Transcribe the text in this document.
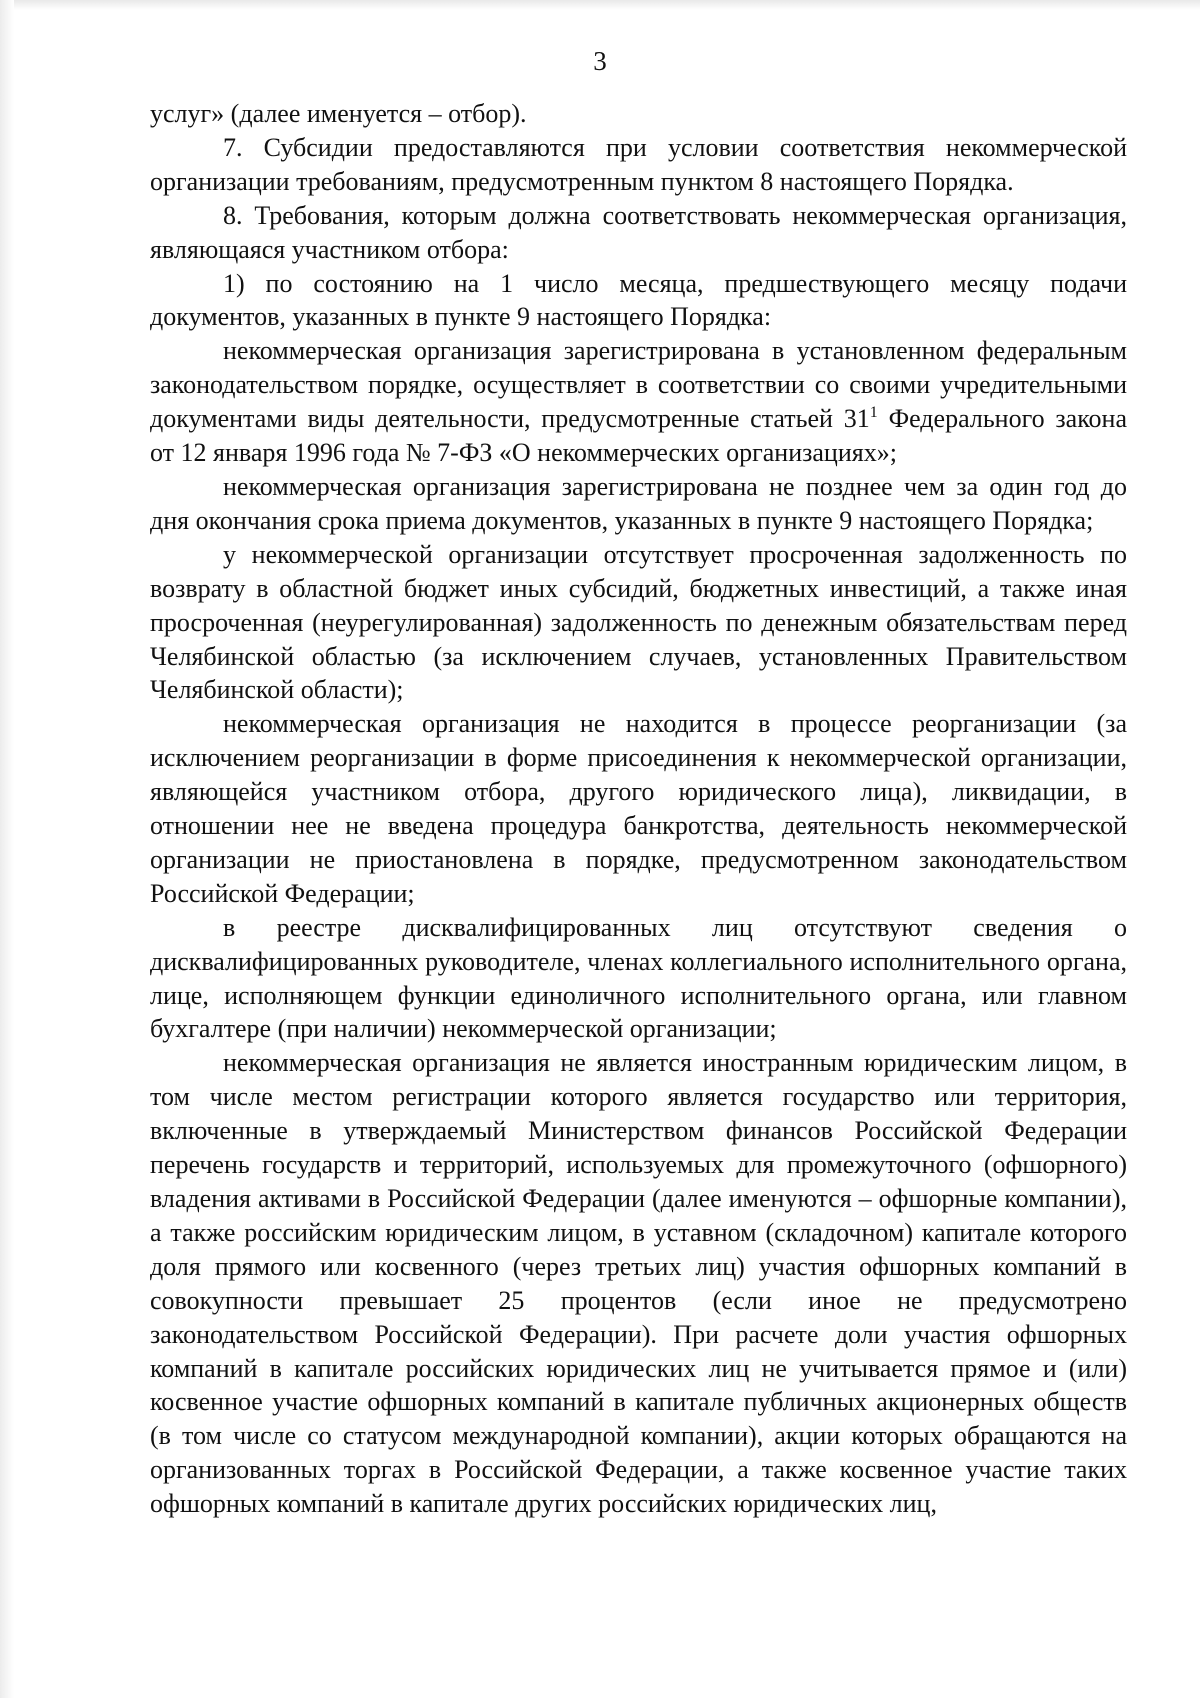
3

услуг» (далее именуется – отбор).

7. Субсидии предоставляются при условии соответствия некоммерческой организации требованиям, предусмотренным пунктом 8 настоящего Порядка.

8. Требования, которым должна соответствовать некоммерческая организация, являющаяся участником отбора:

1) по состоянию на 1 число месяца, предшествующего месяцу подачи документов, указанных в пункте 9 настоящего Порядка:

некоммерческая организация зарегистрирована в установленном федеральным законодательством порядке, осуществляет в соответствии со своими учредительными документами виды деятельности, предусмотренные статьей $31^1$ Федерального закона от 12 января 1996 года № 7-ФЗ «О некоммерческих организациях»;

некоммерческая организация зарегистрирована не позднее чем за один год до дня окончания срока приема документов, указанных в пункте 9 настоящего Порядка;

у некоммерческой организации отсутствует просроченная задолженность по возврату в областной бюджет иных субсидий, бюджетных инвестиций, а также иная просроченная (неурегулированная) задолженность по денежным обязательствам перед Челябинской областью (за исключением случаев, установленных Правительством Челябинской области);

некоммерческая организация не находится в процессе реорганизации (за исключением реорганизации в форме присоединения к некоммерческой организации, являющейся участником отбора, другого юридического лица), ликвидации, в отношении нее не введена процедура банкротства, деятельность некоммерческой организации не приостановлена в порядке, предусмотренном законодательством Российской Федерации;

в реестре дисквалифицированных лиц отсутствуют сведения о дисквалифицированных руководителе, членах коллегиального исполнительного органа, лице, исполняющем функции единоличного исполнительного органа, или главном бухгалтере (при наличии) некоммерческой организации;

некоммерческая организация не является иностранным юридическим лицом, в том числе местом регистрации которого является государство или территория, включенные в утверждаемый Министерством финансов Российской Федерации перечень государств и территорий, используемых для промежуточного (офшорного) владения активами в Российской Федерации (далее именуются – офшорные компании), а также российским юридическим лицом, в уставном (складочном) капитале которого доля прямого или косвенного (через третьих лиц) участия офшорных компаний в совокупности превышает 25 процентов (если иное не предусмотрено законодательством Российской Федерации). При расчете доли участия офшорных компаний в капитале российских юридических лиц не учитывается прямое и (или) косвенное участие офшорных компаний в капитале публичных акционерных обществ (в том числе со статусом международной компании), акции которых обращаются на организованных торгах в Российской Федерации, а также косвенное участие таких офшорных компаний в капитале других российских юридических лиц,
